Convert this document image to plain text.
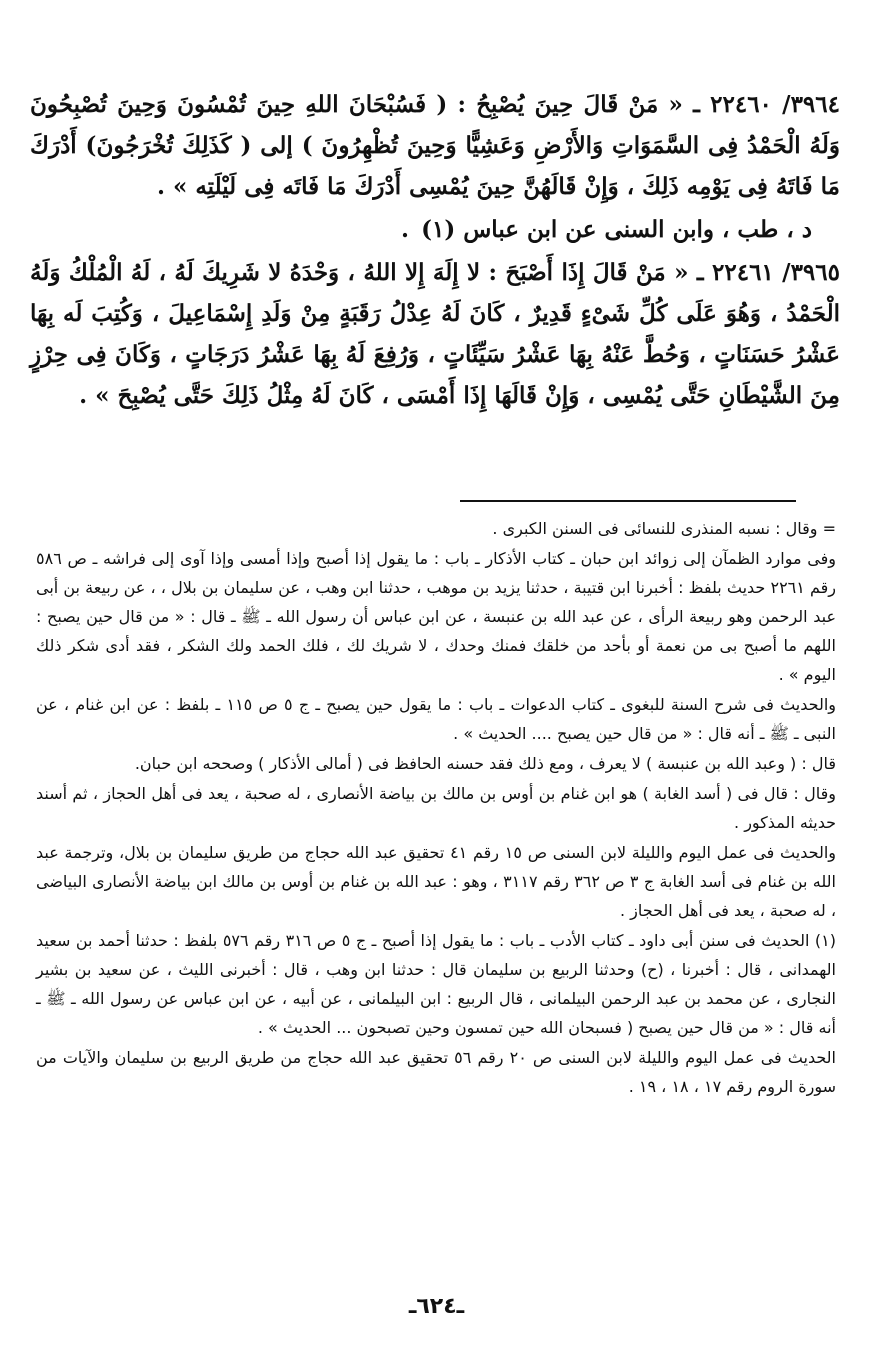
٣٩٦٤/ ٢٢٤٦٠ ـ « مَنْ قَالَ حِينَ يُصْبِحُ : ( فَسُبْحَانَ اللهِ حِينَ تُمْسُونَ وَحِينَ تُصْبِحُونَ وَلَهُ الْحَمْدُ فِى السَّمَوَاتِ وَالأَرْضِ وَعَشِيًّا وَحِينَ تُظْهِرُونَ ) إلى ( كَذَلِكَ تُخْرَجُونَ) أَدْرَكَ مَا فَاتَهُ فِى يَوْمِه ذَلِكَ ، وَإِنْ قَالَهُنَّ حِينَ يُمْسِى أَدْرَكَ مَا فَاتَه فِى لَيْلَتِه » .

د ، طب ، وابن السنى عن ابن عباس (١) .

٣٩٦٥/ ٢٢٤٦١ ـ « مَنْ قَالَ إِذَا أَصْبَحَ : لا إِلَهَ إِلا اللهُ ، وَحْدَهُ لا شَرِيكَ لَهُ ، لَهُ الْمُلْكُ وَلَهُ الْحَمْدُ ، وَهُوَ عَلَى كُلِّ شَىْءٍ قَدِيرٌ ، كَانَ لَهُ عِدْلُ رَقَبَةٍ مِنْ وَلَدِ إِسْمَاعِيلَ ، وَكُتِبَ لَه بِهَا عَشْرُ حَسَنَاتٍ ، وَحُطَّ عَنْهُ بِهَا عَشْرُ سَيِّئَاتٍ ، وَرُفِعَ لَهُ بِهَا عَشْرُ دَرَجَاتٍ ، وَكَانَ فِى حِرْزٍ مِنَ الشَّيْطَانِ حَتَّى يُمْسِى ، وَإِنْ قَالَهَا إِذَا أَمْسَى ، كَانَ لَهُ مِثْلُ ذَلِكَ حَتَّى يُصْبِحَ » .

= وقال : نسبه المنذرى للنسائى فى السنن الكبرى .

وفى موارد الظمآن إلى زوائد ابن حبان ـ كتاب الأذكار ـ باب : ما يقول إذا أصبح وإذا أمسى وإذا آوى إلى فراشه ـ ص ٥٨٦ رقم ٢٢٦١ حديث بلفظ : أخبرنا ابن قتيبة ، حدثنا يزيد بن موهب ، حدثنا ابن وهب ، عن سليمان بن بلال ، ، عن ربيعة بن أبى عبد الرحمن وهو ربيعة الرأى ، عن عبد الله بن عنبسة ، عن ابن عباس أن رسول الله ـ ﷺ ـ قال : « من قال حين يصبح : اللهم ما أصبح بى من نعمة أو بأحد من خلقك فمنك وحدك ، لا شريك لك ، فلك الحمد ولك الشكر ، فقد أدى شكر ذلك اليوم » .

والحديث فى شرح السنة للبغوى ـ كتاب الدعوات ـ باب : ما يقول حين يصبح ـ ج ٥ ص ١١٥ ـ بلفظ : عن ابن غنام ، عن النبى ـ ﷺ ـ أنه قال : « من قال حين يصبح .... الحديث » .

قال : ( وعبد الله بن عنبسة ) لا يعرف ، ومع ذلك فقد حسنه الحافظ فى ( أمالى الأذكار ) وصححه ابن حبان.

وقال : قال فى ( أسد الغابة ) هو ابن غنام بن أوس بن مالك بن بياضة الأنصارى ، له صحبة ، يعد فى أهل الحجاز ، ثم أسند حديثه المذكور .

والحديث فى عمل اليوم والليلة لابن السنى ص ١٥ رقم ٤١ تحقيق عبد الله حجاج من طريق سليمان بن بلال، وترجمة عبد الله بن غنام فى أسد الغابة ج ٣ ص ٣٦٢ رقم ٣١١٧ ، وهو : عبد الله بن غنام بن أوس بن مالك ابن بياضة الأنصارى البياضى ، له صحبة ، يعد فى أهل الحجاز .

(١) الحديث فى سنن أبى داود ـ كتاب الأدب ـ باب : ما يقول إذا أصبح ـ ج ٥ ص ٣١٦ رقم ٥٧٦ بلفظ : حدثنا أحمد بن سعيد الهمدانى ، قال : أخبرنا ، (ح) وحدثنا الربيع بن سليمان قال : حدثنا ابن وهب ، قال : أخبرنى الليث ، عن سعيد بن بشير النجارى ، عن محمد بن عبد الرحمن البيلمانى ، قال الربيع : ابن البيلمانى ، عن أبيه ، عن ابن عباس عن رسول الله ـ ﷺ ـ أنه قال : « من قال حين يصبح ( فسبحان الله حين تمسون وحين تصبحون ... الحديث » .

الحديث فى عمل اليوم والليلة لابن السنى ص ٢٠ رقم ٥٦ تحقيق عبد الله حجاج من طريق الربيع بن سليمان والآيات من سورة الروم رقم ١٧ ، ١٨ ، ١٩ .

ـ٦٢٤ـ
